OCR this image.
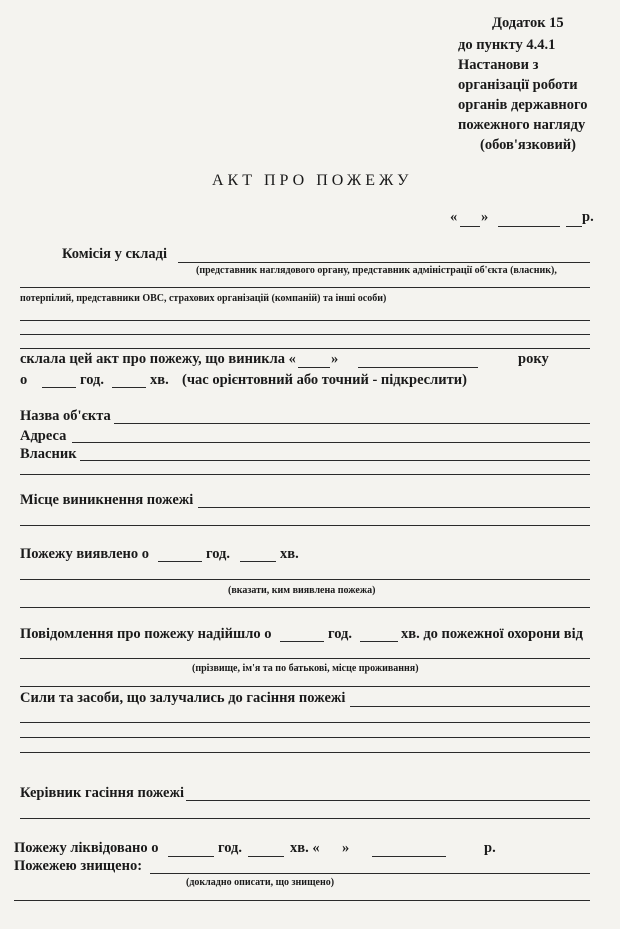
Додаток 15
до пункту 4.4.1
Настанови з
організації роботи
органів державного
пожежного нагляду
(обов'язковий)
АКТ ПРО ПОЖЕЖУ
« »	р.
Комісія у складі
(представник наглядового органу, представник адміністрації об'єкта (власник),
потерпілий, представники ОВС, страхових організацій (компаній) та інші особи)
склала цей акт про пожежу, що виникла « »	року
о	год.	хв. (час орієнтовний або точний - підкреслити)
Назва об'єкта
Адреса
Власник
Місце виникнення пожежі
Пожежу виявлено о	год.	хв.
(вказати, ким виявлена пожежа)
Повідомлення про пожежу надійшло о	год.	хв. до пожежної охорони від
(прізвище, ім'я та по батькові, місце проживання)
Сили та засоби, що залучались до гасіння пожежі
Керівник гасіння пожежі
Пожежу ліквідовано о	год.	хв. « »	р.
Пожежею знищено:
(докладно описати, що знищено)
